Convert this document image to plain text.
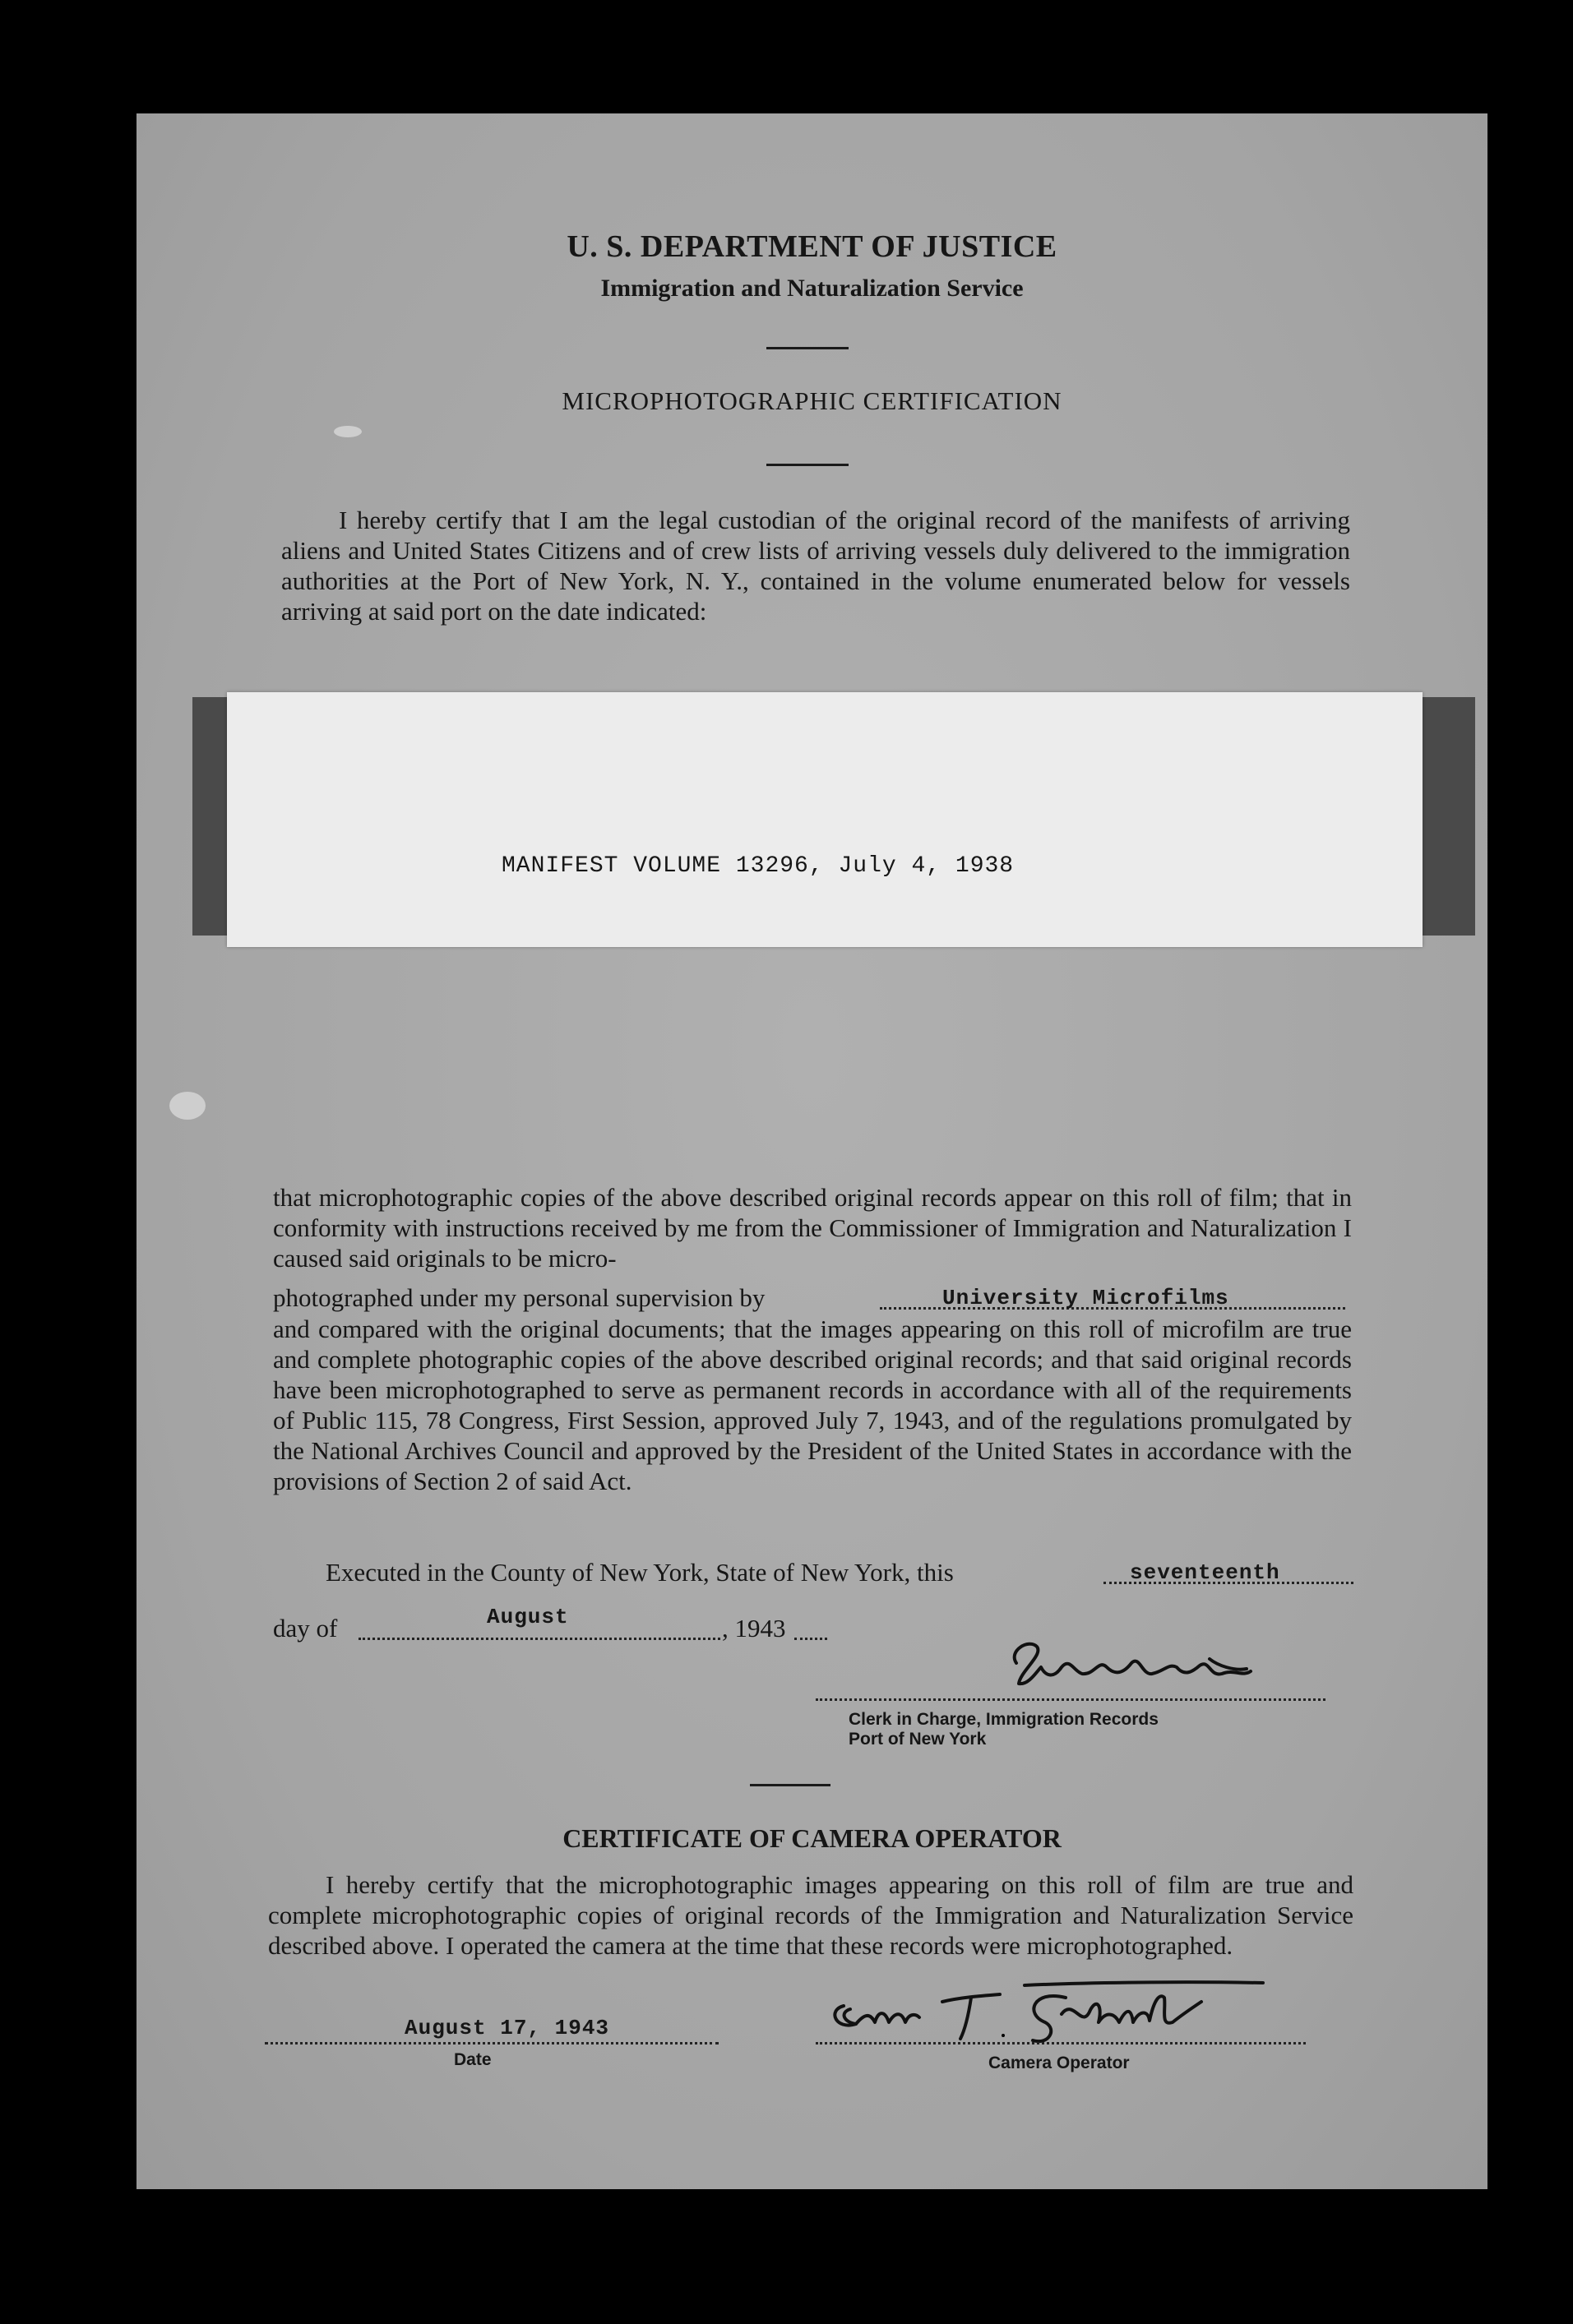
U. S. DEPARTMENT OF JUSTICE
Immigration and Naturalization Service
MICROPHOTOGRAPHIC CERTIFICATION
I hereby certify that I am the legal custodian of the original record of the manifests of arriving aliens and United States Citizens and of crew lists of arriving vessels duly delivered to the immigration authorities at the Port of New York, N. Y., contained in the volume enumerated below for vessels arriving at said port on the date indicated:
MANIFEST VOLUME 13296, July 4, 1938
that microphotographic copies of the above described original records appear on this roll of film; that in conformity with instructions received by me from the Commissioner of Immigration and Naturalization I caused said originals to be micro-
photographed under my personal supervision by	University Microfilms
and compared with the original documents; that the images appearing on this roll of microfilm are true and complete photographic copies of the above described original records; and that said original records have been microphotographed to serve as permanent records in accordance with all of the requirements of Public 115, 78 Congress, First Session, approved July 7, 1943, and of the regulations promulgated by the National Archives Council and approved by the President of the United States in accordance with the provisions of Section 2 of said Act.
Executed in the County of New York, State of New York, this	seventeenth
day of	August	, 1943
Clerk in Charge, Immigration Records
Port of New York
CERTIFICATE OF CAMERA OPERATOR
I hereby certify that the microphotographic images appearing on this roll of film are true and complete microphotographic copies of original records of the Immigration and Naturalization Service described above. I operated the camera at the time that these records were microphotographed.
August 17, 1943
Date	Camera Operator
